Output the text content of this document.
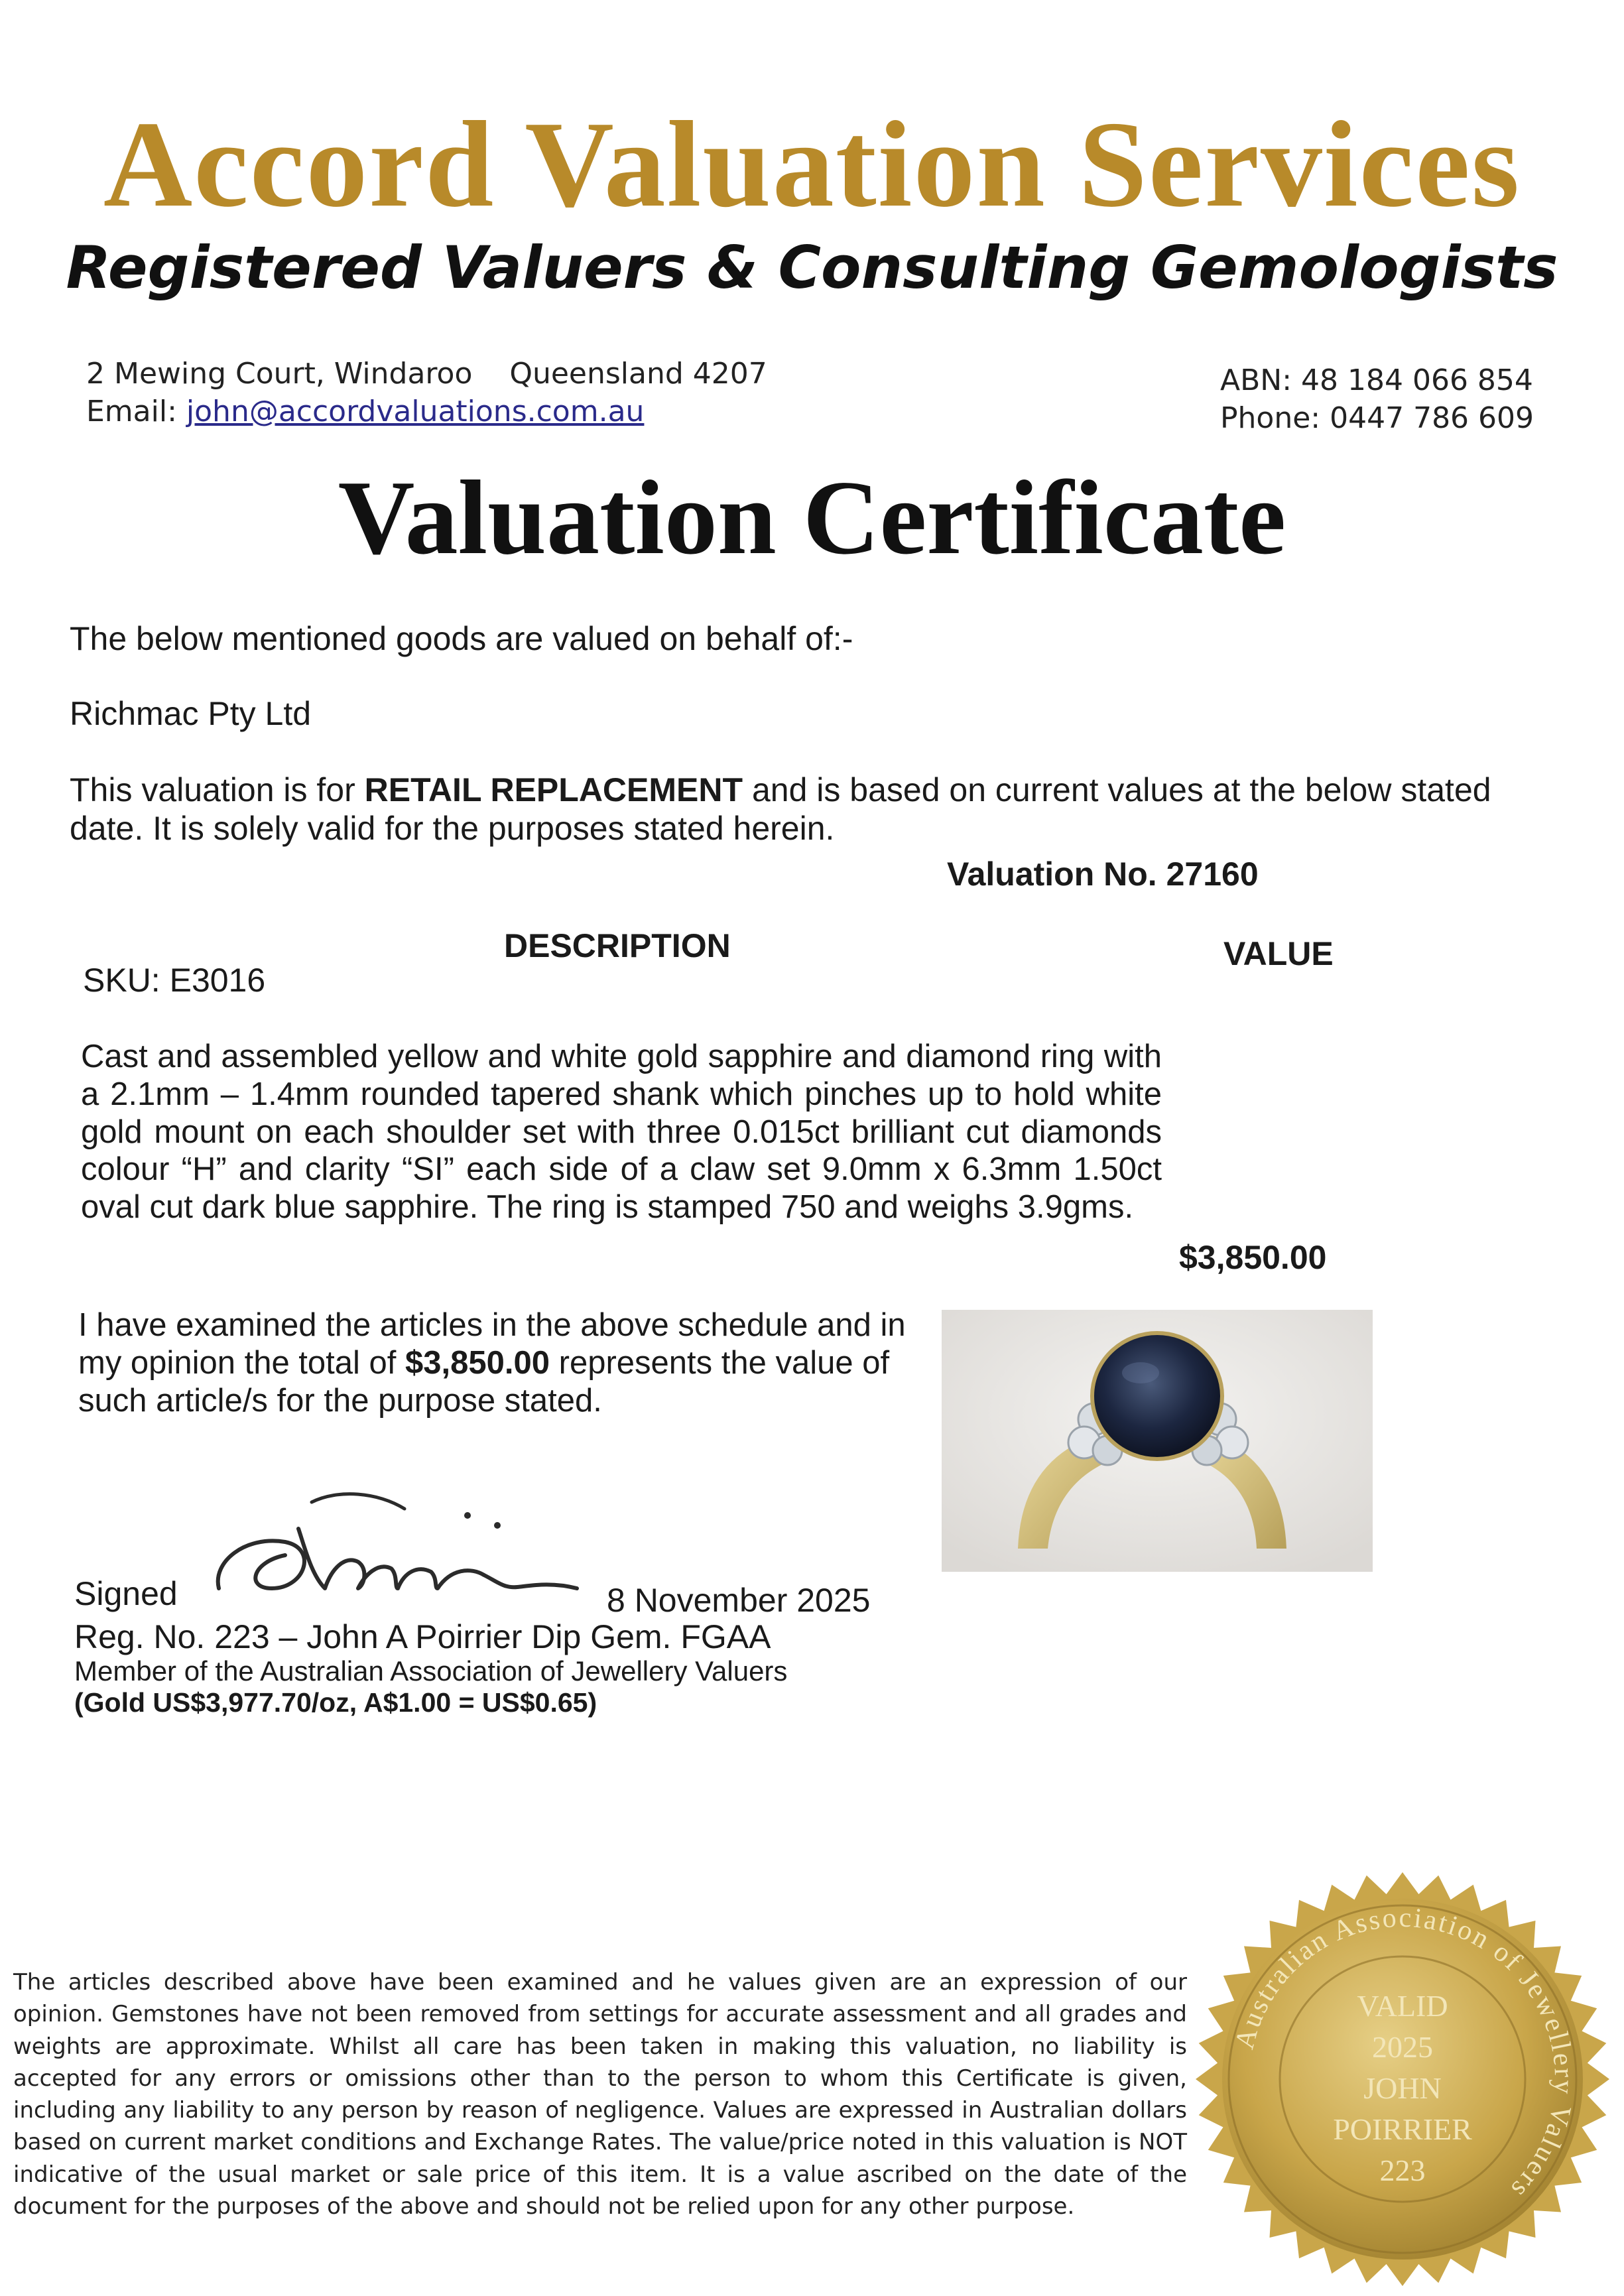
Accord Valuation Services
Registered Valuers & Consulting Gemologists
2 Mewing Court, Windaroo    Queensland 4207
Email: john@accordvaluations.com.au
ABN: 48 184 066 854
Phone: 0447 786 609
Valuation Certificate
The below mentioned goods are valued on behalf of:-
Richmac Pty Ltd
This valuation is for RETAIL REPLACEMENT and is based on current values at the below stated
date. It is solely valid for the purposes stated herein.
Valuation No. 27160
DESCRIPTION	VALUE
SKU: E3016
Cast and assembled yellow and white gold sapphire and diamond ring with a 2.1mm – 1.4mm rounded tapered shank which pinches up to hold white gold mount on each shoulder set with three 0.015ct brilliant cut diamonds colour “H” and clarity “SI” each side of a claw set 9.0mm x 6.3mm 1.50ct oval cut dark blue sapphire. The ring is stamped 750 and weighs 3.9gms.
$3,850.00
I have examined the articles in the above schedule and in my opinion the total of $3,850.00 represents the value of such article/s for the purpose stated.
Signed	8 November 2025
Reg. No. 223 – John A Poirrier Dip Gem. FGAA
Member of the Australian Association of Jewellery Valuers
(Gold US$3,977.70/oz, A$1.00 = US$0.65)
The articles described above have been examined and he values given are an expression of our opinion. Gemstones have not been removed from settings for accurate assessment and all grades and weights are approximate. Whilst all care has been taken in making this valuation, no liability is accepted for any errors or omissions other than to the person to whom this Certificate is given, including any liability to any person by reason of negligence. Values are expressed in Australian dollars based on current market conditions and Exchange Rates. The value/price noted in this valuation is NOT indicative of the usual market or sale price of this item. It is a value ascribed on the date of the document for the purposes of the above and should not be relied upon for any other purpose.
Australian Association of Jewellery Valuers
VALID
2025
JOHN
POIRRIER
223
